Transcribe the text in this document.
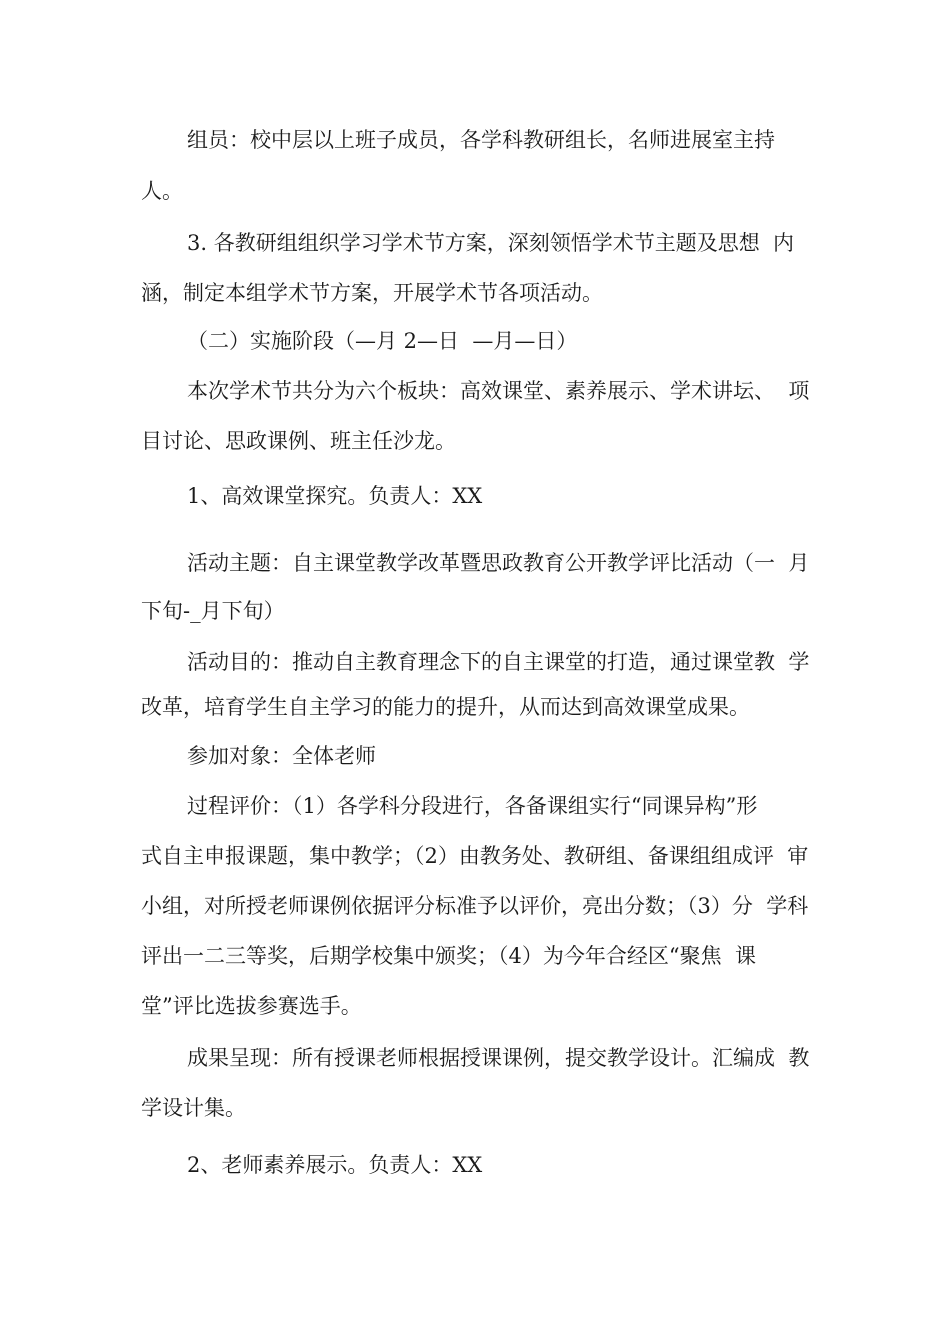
组员：校中层以上班子成员，各学科教研组长，名师进展室主持
人。
3. 各教研组组织学习学术节方案，深刻领悟学术节主题及思想  内
涵，制定本组学术节方案，开展学术节各项活动。
（二）实施阶段（—月 2—日  —月—日）
本次学术节共分为六个板块：高效课堂、素养展示、学术讲坛、  项
目讨论、思政课例、班主任沙龙。
1、高效课堂探究。负责人：XX
活动主题：自主课堂教学改革暨思政教育公开教学评比活动（一  月
下旬-_月下旬）
活动目的：推动自主教育理念下的自主课堂的打造，通过课堂教  学
改革，培育学生自主学习的能力的提升，从而达到高效课堂成果。
参加对象：全体老师
过程评价：（1）各学科分段进行，各备课组实行“同课异构”形
式自主申报课题，集中教学；（2）由教务处、教研组、备课组组成评  审
小组，对所授老师课例依据评分标准予以评价，亮出分数；（3）分  学科
评出一二三等奖，后期学校集中颁奖；（4）为今年合经区“聚焦  课
堂”评比选拔参赛选手。
成果呈现：所有授课老师根据授课课例，提交教学设计。汇编成  教
学设计集。
2、老师素养展示。负责人：XX
